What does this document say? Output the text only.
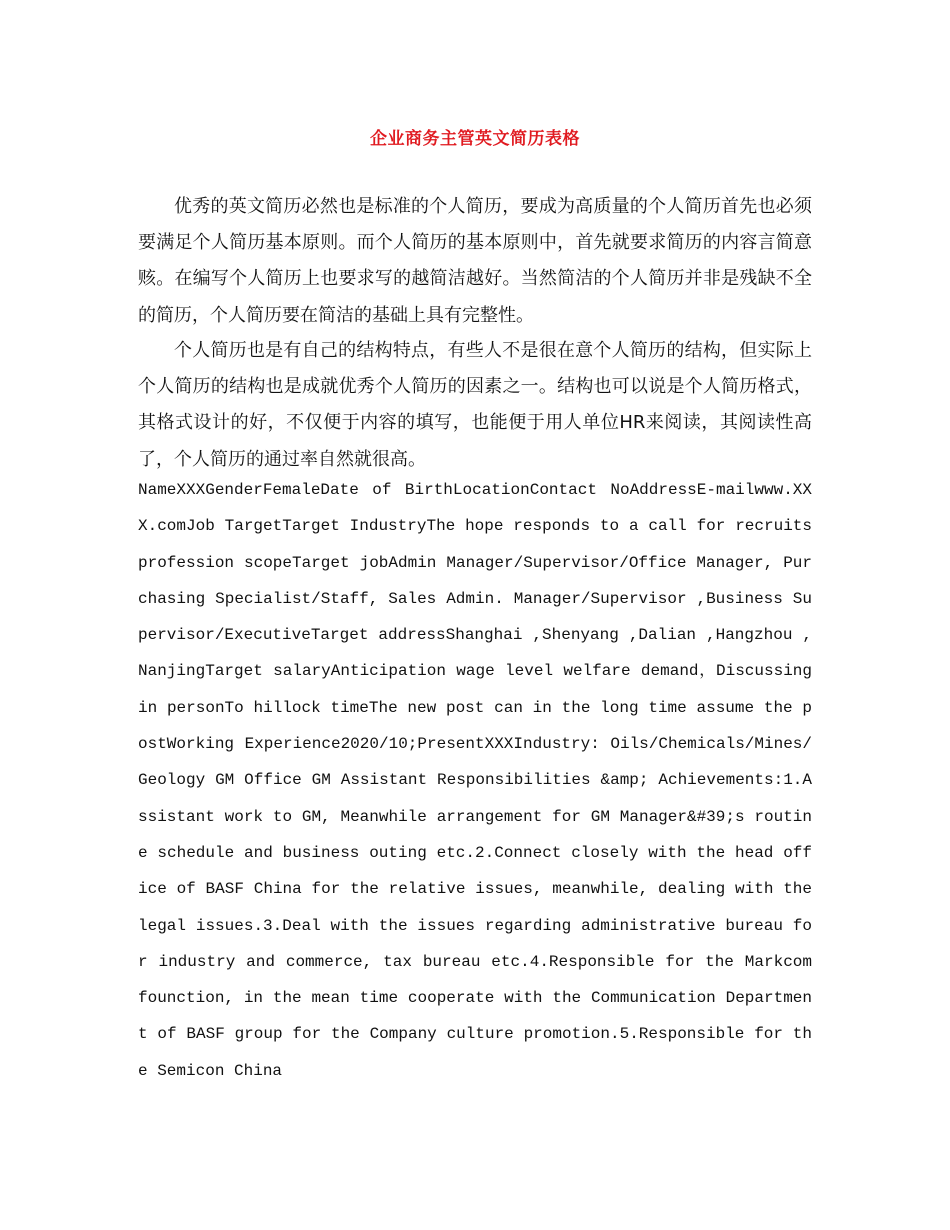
企业商务主管英文简历表格

优秀的英文简历必然也是标准的个人简历，要成为高质量的个人简历首先也必须要满足个人简历基本原则。而个人简历的基本原则中，首先就要求简历的内容言简意赅。在编写个人简历上也要求写的越简洁越好。当然简洁的个人简历并非是残缺不全的简历，个人简历要在简洁的基础上具有完整性。

个人简历也是有自己的结构特点，有些人不是很在意个人简历的结构，但实际上个人简历的结构也是成就优秀个人简历的因素之一。结构也可以说是个人简历格式，其格式设计的好，不仅便于内容的填写，也能便于用人单位HR来阅读，其阅读性高了，个人简历的通过率自然就很高。

NameXXXGenderFemaleDate of BirthLocationContact NoAddressE-mailwww.XXX.comJob TargetTarget IndustryThe hope responds to a call for recruits profession scopeTarget jobAdmin Manager/Supervisor/Office Manager, Purchasing Specialist/Staff, Sales Admin. Manager/Supervisor ,Business Supervisor/ExecutiveTarget addressShanghai ,Shenyang ,Dalian ,Hangzhou ,NanjingTarget salaryAnticipation wage level welfare demand，Discussing in personTo hillock timeThe new post can in the long time assume the postWorking Experience2020/10;PresentXXXIndustry: Oils/Chemicals/Mines/Geology GM Office GM Assistant Responsibilities &amp; Achievements:1.Assistant work to GM, Meanwhile arrangement for GM Manager&#39;s routine schedule and business outing etc.2.Connect closely with the head office of BASF China for the relative issues, meanwhile, dealing with the legal issues.3.Deal with the issues regarding administrative bureau for industry and commerce, tax bureau etc.4.Responsible for the Markcom founction, in the mean time cooperate with the Communication Department of BASF group for the Company culture promotion.5.Responsible for the Semicon China
